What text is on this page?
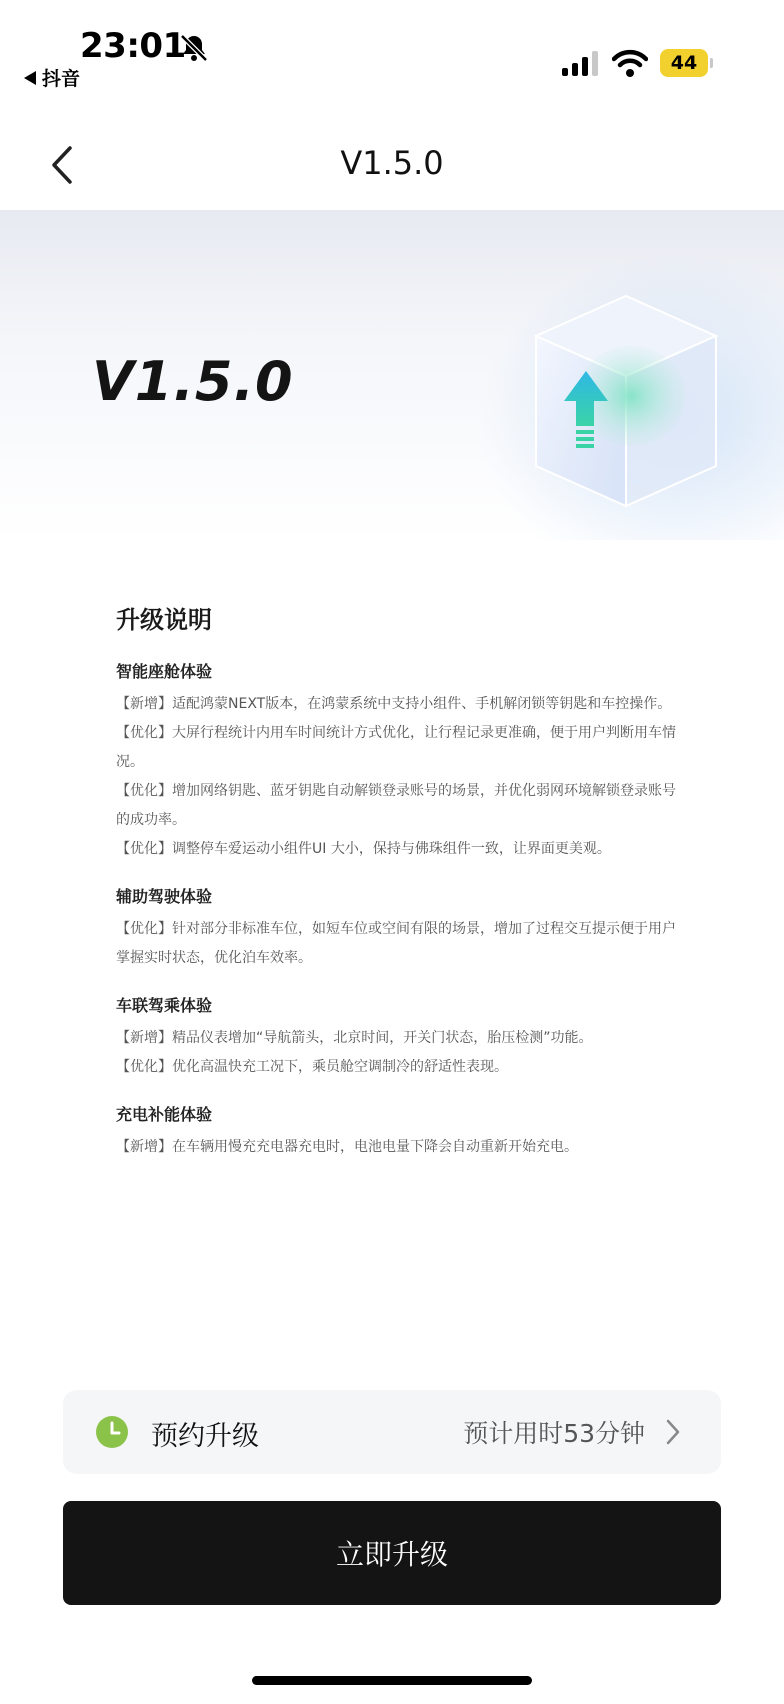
23:01
抖音
44
V1.5.0
V1.5.0
升级说明
智能座舱体验

【新增】适配鸿蒙NEXT版本，在鸿蒙系统中支持小组件、手机解闭锁等钥匙和车控操作。

【优化】大屏行程统计内用车时间统计方式优化，让行程记录更准确，便于用户判断用车情况。

【优化】增加网络钥匙、蓝牙钥匙自动解锁登录账号的场景，并优化弱网环境解锁登录账号的成功率。

【优化】调整停车爱运动小组件UI 大小，保持与佛珠组件一致，让界面更美观。

辅助驾驶体验

【优化】针对部分非标准车位，如短车位或空间有限的场景，增加了过程交互提示便于用户掌握实时状态，优化泊车效率。

车联驾乘体验

【新增】精品仪表增加“导航箭头，北京时间，开关门状态，胎压检测”功能。

【优化】优化高温快充工况下，乘员舱空调制冷的舒适性表现。

充电补能体验

【新增】在车辆用慢充充电器充电时，电池电量下降会自动重新开始充电。

预约升级	预计用时53分钟
立即升级
